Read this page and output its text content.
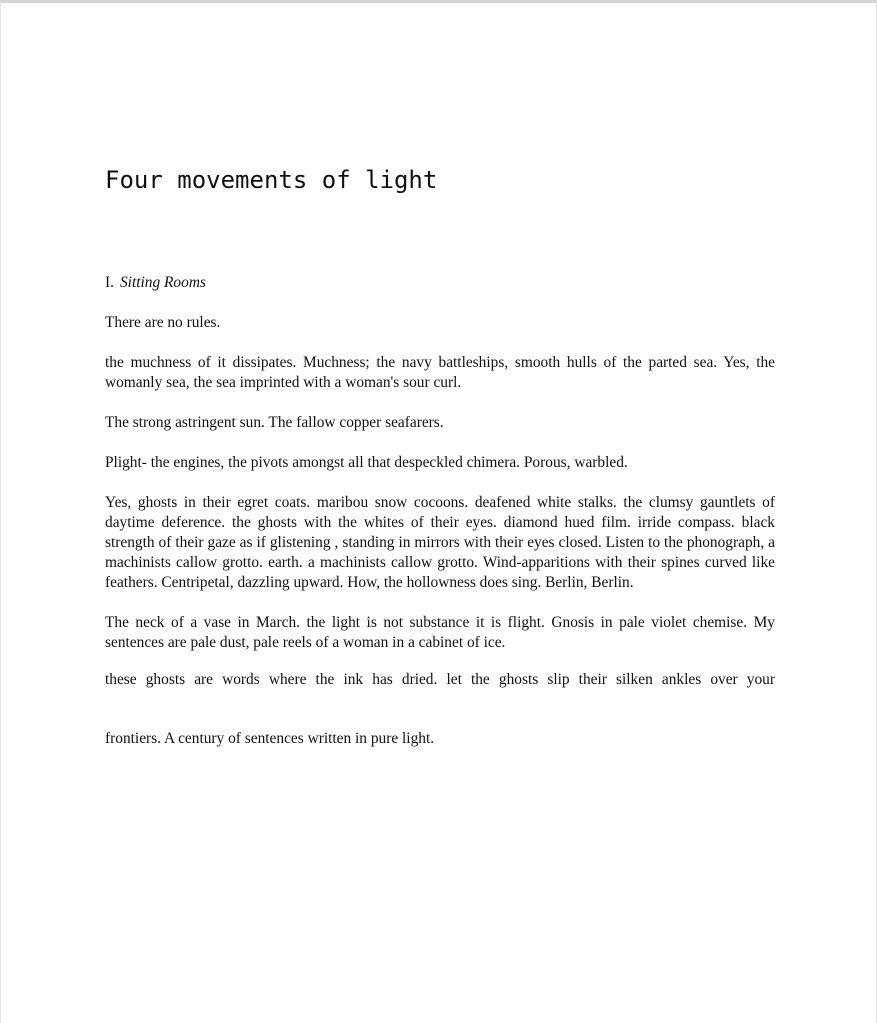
Four movements of light

I. Sitting Rooms

There are no rules.

the muchness of it dissipates. Muchness; the navy battleships, smooth hulls of the parted sea. Yes, the womanly sea, the sea imprinted with a woman's sour curl.

The strong astringent sun. The fallow copper seafarers.

Plight- the engines, the pivots amongst all that despeckled chimera. Porous, warbled.

Yes, ghosts in their egret coats. maribou snow cocoons. deafened white stalks. the clumsy gauntlets of daytime deference. the ghosts with the whites of their eyes. diamond hued film. irride compass. black strength of their gaze as if glistening , standing in mirrors with their eyes closed. Listen to the phonograph, a machinists callow grotto. earth. a machinists callow grotto. Wind-apparitions with their spines curved like feathers. Centripetal, dazzling upward. How, the hollowness does sing. Berlin, Berlin.

The neck of a vase in March. the light is not substance it is flight. Gnosis in pale violet chemise. My sentences are pale dust, pale reels of a woman in a cabinet of ice.

these ghosts are words where the ink has dried. let the ghosts slip their silken ankles over your

frontiers. A century of sentences written in pure light.
